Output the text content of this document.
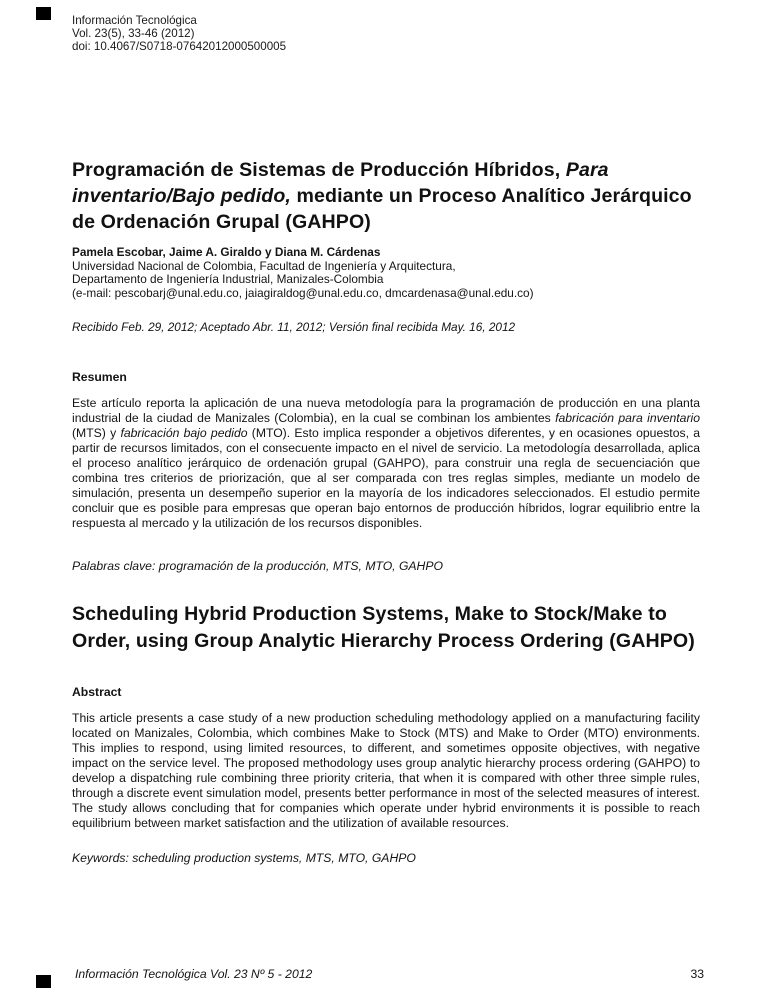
Información Tecnológica
Vol. 23(5), 33-46 (2012)
doi: 10.4067/S0718-07642012000500005
Programación de Sistemas de Producción Híbridos, Para inventario/Bajo pedido, mediante un Proceso Analítico Jerárquico de Ordenación Grupal (GAHPO)
Pamela Escobar, Jaime A. Giraldo y Diana M. Cárdenas
Universidad Nacional de Colombia, Facultad de Ingeniería y Arquitectura,
Departamento de Ingeniería Industrial, Manizales-Colombia
(e-mail: pescobarj@unal.edu.co, jaiagiraldog@unal.edu.co, dmcardenasa@unal.edu.co)
Recibido Feb. 29, 2012; Aceptado Abr. 11, 2012; Versión final recibida May. 16, 2012
Resumen

Este artículo reporta la aplicación de una nueva metodología para la programación de producción en una planta industrial de la ciudad de Manizales (Colombia), en la cual se combinan los ambientes fabricación para inventario (MTS) y fabricación bajo pedido (MTO). Esto implica responder a objetivos diferentes, y en ocasiones opuestos, a partir de recursos limitados, con el consecuente impacto en el nivel de servicio. La metodología desarrollada, aplica el proceso analítico jerárquico de ordenación grupal (GAHPO), para construir una regla de secuenciación que combina tres criterios de priorización, que al ser comparada con tres reglas simples, mediante un modelo de simulación, presenta un desempeño superior en la mayoría de los indicadores seleccionados. El estudio permite concluir que es posible para empresas que operan bajo entornos de producción híbridos, lograr equilibrio entre la respuesta al mercado y la utilización de los recursos disponibles.

Palabras clave: programación de la producción, MTS, MTO, GAHPO
Scheduling Hybrid Production Systems, Make to Stock/Make to Order, using Group Analytic Hierarchy Process Ordering (GAHPO)
Abstract

This article presents a case study of a new production scheduling methodology applied on a manufacturing facility located on Manizales, Colombia, which combines Make to Stock (MTS) and Make to Order (MTO) environments. This implies to respond, using limited resources, to different, and sometimes opposite objectives, with negative impact on the service level. The proposed methodology uses group analytic hierarchy process ordering (GAHPO) to develop a dispatching rule combining three priority criteria, that when it is compared with other three simple rules, through a discrete event simulation model, presents better performance in most of the selected measures of interest. The study allows concluding that for companies which operate under hybrid environments it is possible to reach equilibrium between market satisfaction and the utilization of available resources.

Keywords: scheduling production systems, MTS, MTO, GAHPO
Información Tecnológica Vol. 23 Nº 5 - 2012	33
